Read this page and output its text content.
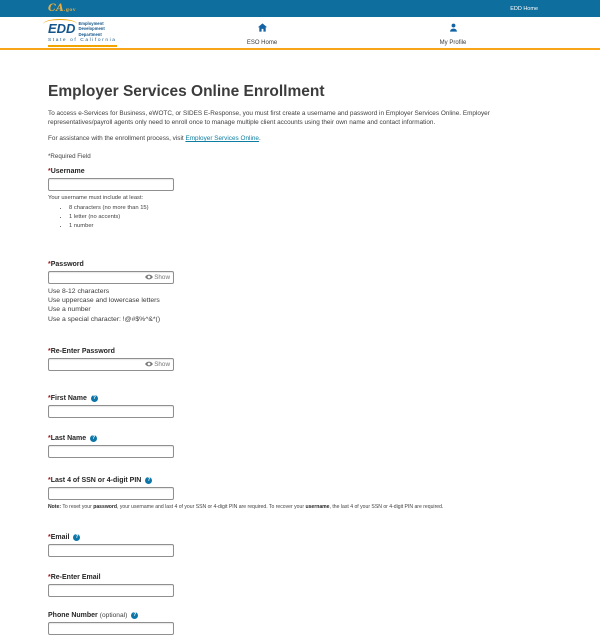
CA.gov	EDD Home
EDD Employment
Development
Department
State of California	ESO Home	My Profile
Employer Services Online Enrollment

To access e-Services for Business, eWOTC, or SIDES E-Response, you must first create a username and password in Employer Services Online. Employer representatives/payroll agents only need to enroll once to manage multiple client accounts using their own name and contact information.

For assistance with the enrollment process, visit Employer Services Online.

*Required Field

* Username
Your username must include at least:
• 8 characters (no more than 15)
• 1 letter (no accents)
• 1 number
* Password
Show
Use 8-12 characters
Use uppercase and lowercase letters
Use a number
Use a special character: !@#$%^&*()
* Re-Enter Password
Show
* First Name	?
* Last Name	?
* Last 4 of SSN or 4-digit PIN	?

Note: To reset your password, your username and last 4 of your SSN or 4-digit PIN are required. To recover your username, the last 4 of your SSN or 4-digit PIN are required.

* Email	?
* Re-Enter Email
Phone Number (optional)	?
